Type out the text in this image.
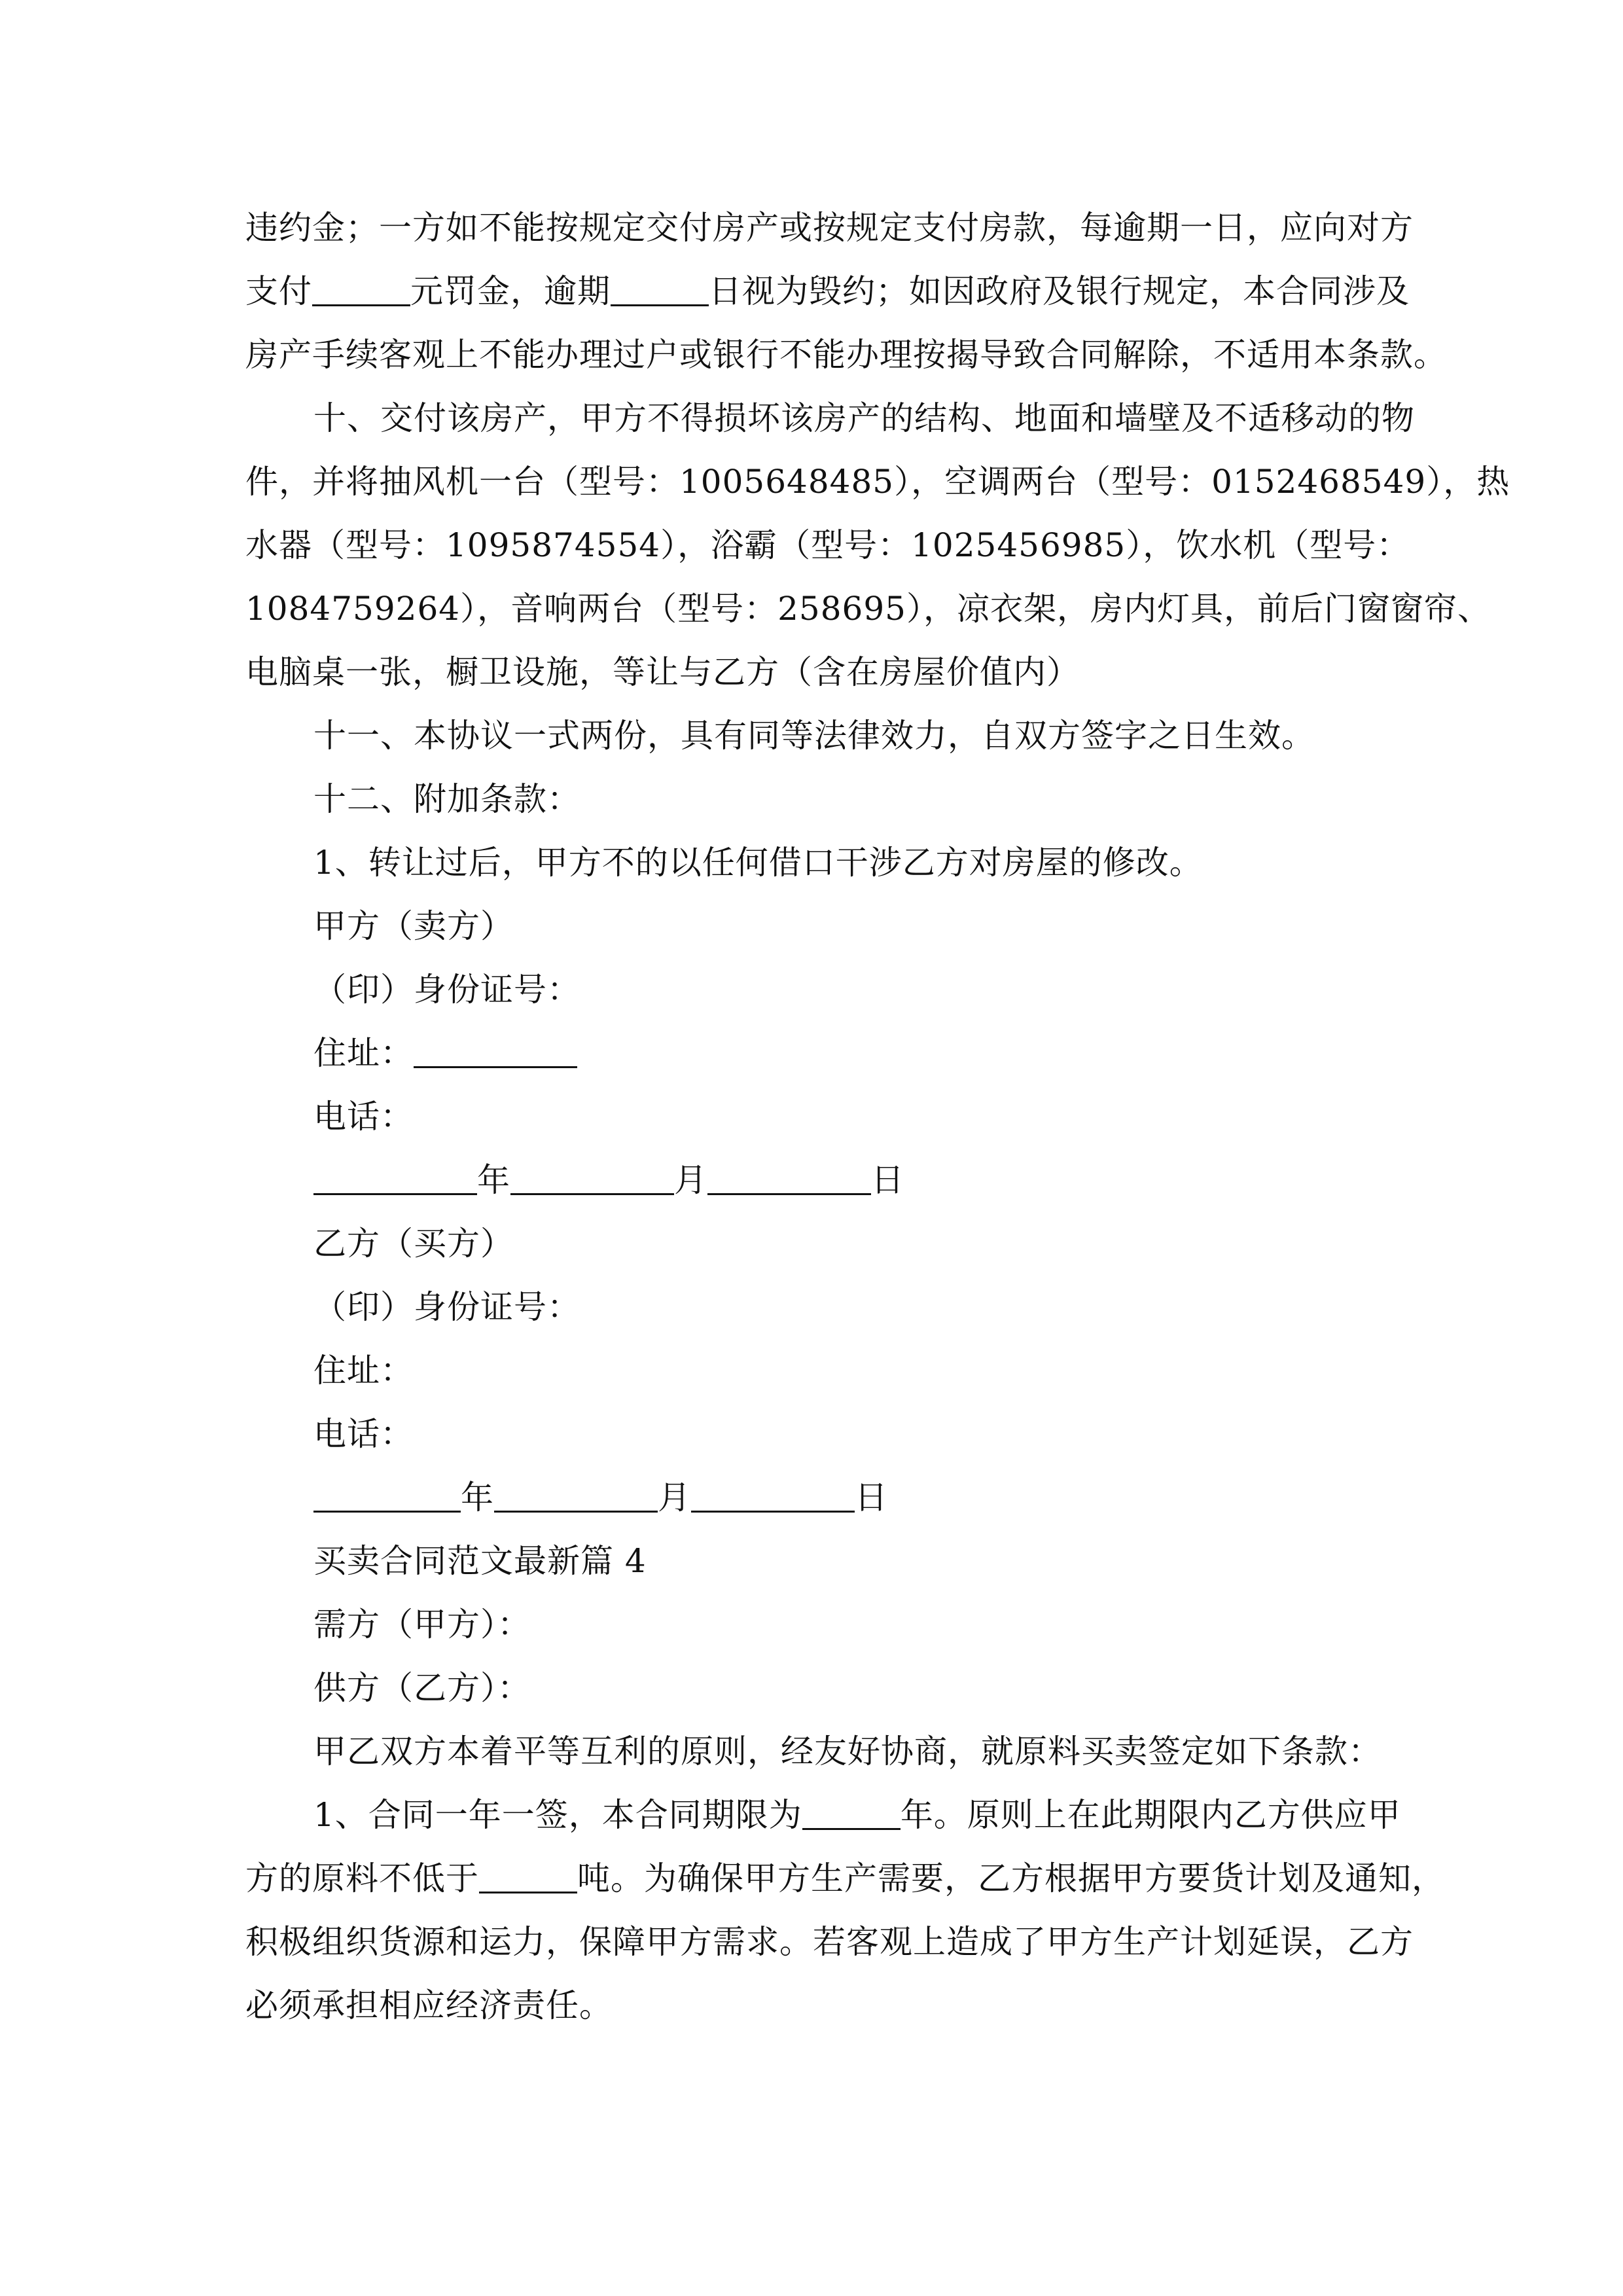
违约金；一方如不能按规定交付房产或按规定支付房款，每逾期一日，应向对方
支付	元罚金，逾期	日视为毁约；如因政府及银行规定，本合同涉及
房产手续客观上不能办理过户或银行不能办理按揭导致合同解除，不适用本条款。
十、交付该房产，甲方不得损坏该房产的结构、地面和墙壁及不适移动的物
件，并将抽风机一台（型号：1005648485），空调两台（型号：0152468549），热
水器（型号：1095874554），浴霸（型号：1025456985），饮水机（型号：
1084759264），音响两台（型号：258695），凉衣架，房内灯具，前后门窗窗帘、
电脑桌一张，橱卫设施，等让与乙方（含在房屋价值内）
十一、本协议一式两份，具有同等法律效力，自双方签字之日生效。
十二、附加条款：
1、转让过后，甲方不的以任何借口干涉乙方对房屋的修改。
甲方（卖方）
（印）身份证号：
住址：
电话：
年	月	日
乙方（买方）
（印）身份证号：
住址：
电话：
年	月	日
买卖合同范文最新篇 4
需方（甲方）：
供方（乙方）：
甲乙双方本着平等互利的原则，经友好协商，就原料买卖签定如下条款：
1、合同一年一签，本合同期限为	年。原则上在此期限内乙方供应甲
方的原料不低于	吨。为确保甲方生产需要，乙方根据甲方要货计划及通知，
积极组织货源和运力，保障甲方需求。若客观上造成了甲方生产计划延误，乙方
必须承担相应经济责任。
